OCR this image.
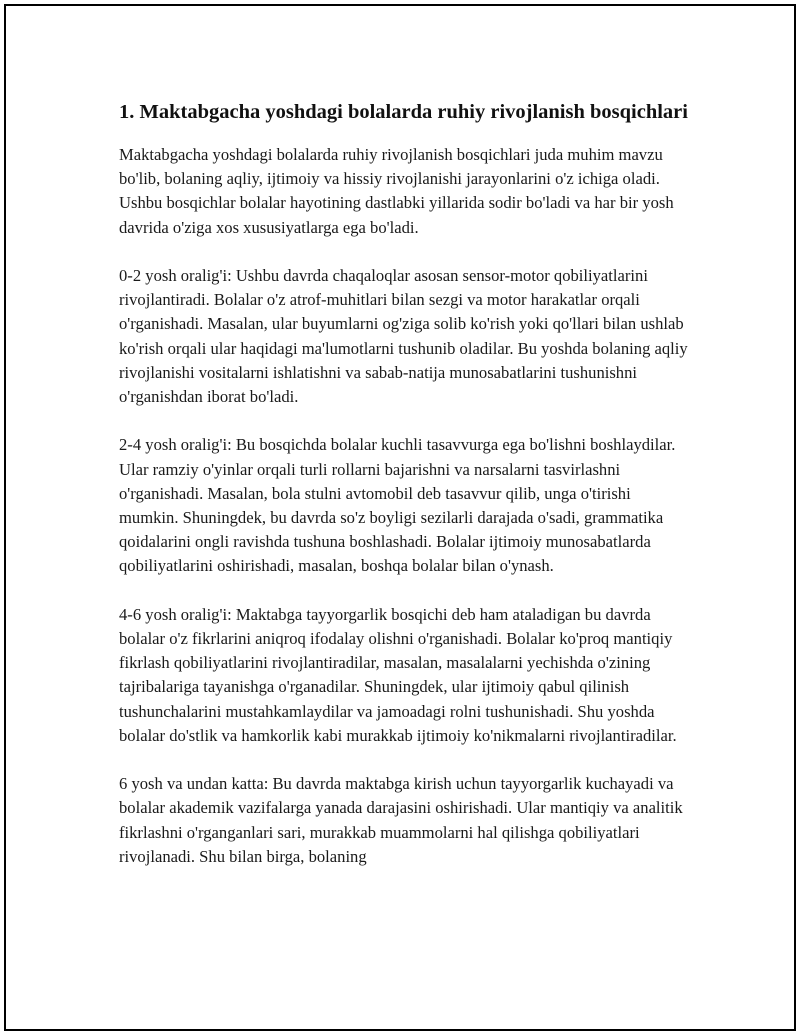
1. Maktabgacha yoshdagi bolalarda ruhiy rivojlanish bosqichlari

Maktabgacha yoshdagi bolalarda ruhiy rivojlanish bosqichlari juda muhim mavzu bo'lib, bolaning aqliy, ijtimoiy va hissiy rivojlanishi jarayonlarini o'z ichiga oladi. Ushbu bosqichlar bolalar hayotining dastlabki yillarida sodir bo'ladi va har bir yosh davrida o'ziga xos xususiyatlarga ega bo'ladi.

0-2 yosh oralig'i: Ushbu davrda chaqaloqlar asosan sensor-motor qobiliyatlarini rivojlantiradi. Bolalar o'z atrof-muhitlari bilan sezgi va motor harakatlar orqali o'rganishadi. Masalan, ular buyumlarni og'ziga solib ko'rish yoki qo'llari bilan ushlab ko'rish orqali ular haqidagi ma'lumotlarni tushunib oladilar. Bu yoshda bolaning aqliy rivojlanishi vositalarni ishlatishni va sabab-natija munosabatlarini tushunishni o'rganishdan iborat bo'ladi.

2-4 yosh oralig'i: Bu bosqichda bolalar kuchli tasavvurga ega bo'lishni boshlaydilar. Ular ramziy o'yinlar orqali turli rollarni bajarishni va narsalarni tasvirlashni o'rganishadi. Masalan, bola stulni avtomobil deb tasavvur qilib, unga o'tirishi mumkin. Shuningdek, bu davrda so'z boyligi sezilarli darajada o'sadi, grammatika qoidalarini ongli ravishda tushuna boshlashadi. Bolalar ijtimoiy munosabatlarda qobiliyatlarini oshirishadi, masalan, boshqa bolalar bilan o'ynash.

4-6 yosh oralig'i: Maktabga tayyorgarlik bosqichi deb ham ataladigan bu davrda bolalar o'z fikrlarini aniqroq ifodalay olishni o'rganishadi. Bolalar ko'proq mantiqiy fikrlash qobiliyatlarini rivojlantiradilar, masalan, masalalarni yechishda o'zining tajribalariga tayanishga o'rganadilar. Shuningdek, ular ijtimoiy qabul qilinish tushunchalarini mustahkamlaydilar va jamoadagi rolni tushunishadi. Shu yoshda bolalar do'stlik va hamkorlik kabi murakkab ijtimoiy ko'nikmalarni rivojlantiradilar.

6 yosh va undan katta: Bu davrda maktabga kirish uchun tayyorgarlik kuchayadi va bolalar akademik vazifalarga yanada darajasini oshirishadi. Ular mantiqiy va analitik fikrlashni o'rganganlari sari, murakkab muammolarni hal qilishga qobiliyatlari rivojlanadi. Shu bilan birga, bolaning
